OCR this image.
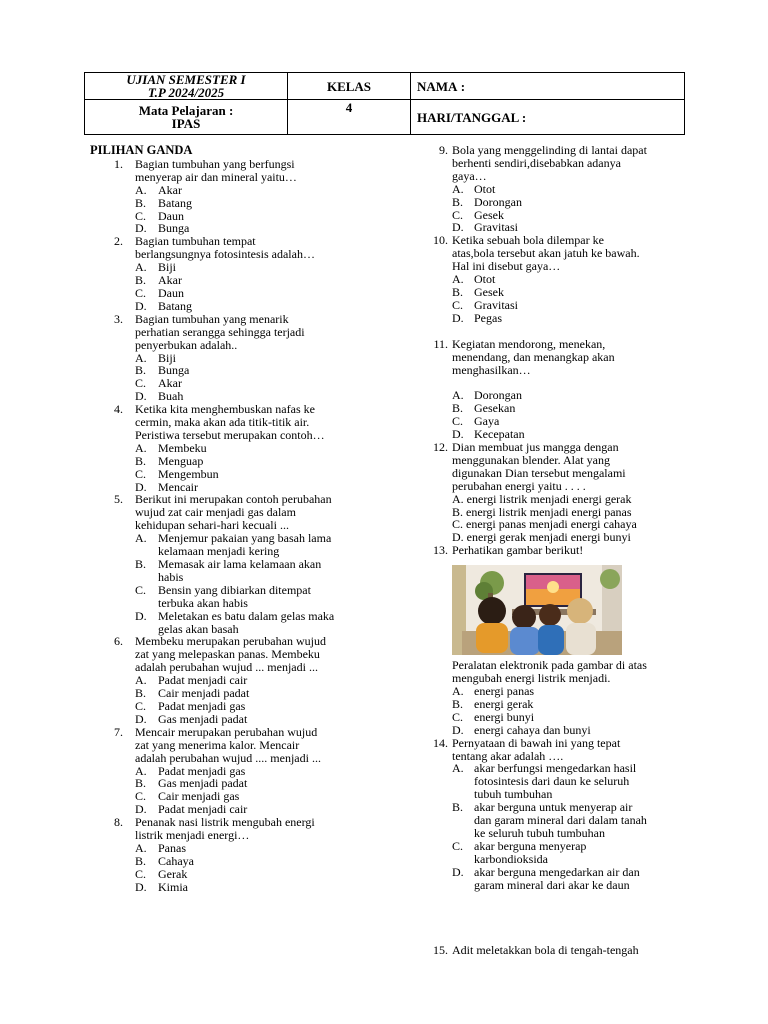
UJIAN SEMESTER I
T.P 2024/2025	KELAS	NAMA :

Mata Pelajaran :
IPAS	4	HARI/TANGGAL :
PILIHAN GANDA
1. Bagian tumbuhan yang berfungsi
menyerap air dan mineral yaitu…
A. Akar
B. Batang
C. Daun
D. Bunga
2. Bagian tumbuhan tempat
berlangsungnya fotosintesis adalah…
A. Biji
B. Akar
C. Daun
D. Batang
3. Bagian tumbuhan yang menarik
perhatian serangga sehingga terjadi
penyerbukan adalah..
A. Biji
B. Bunga
C. Akar
D. Buah
4. Ketika kita menghembuskan nafas ke
cermin, maka akan ada titik-titik air.
Peristiwa tersebut merupakan contoh…
A. Membeku
B. Menguap
C. Mengembun
D. Mencair
5. Berikut ini merupakan contoh perubahan
wujud zat cair menjadi gas dalam
kehidupan sehari-hari kecuali ...
A. Menjemur pakaian yang basah lama
kelamaan menjadi kering
B. Memasak air lama kelamaan akan
habis
C. Bensin yang dibiarkan ditempat
terbuka akan habis
D. Meletakan es batu dalam gelas maka
gelas akan basah
6. Membeku merupakan perubahan wujud
zat yang melepaskan panas. Membeku
adalah perubahan wujud ... menjadi ...
A. Padat menjadi cair
B. Cair menjadi padat
C. Padat menjadi gas
D. Gas menjadi padat
7. Mencair merupakan perubahan wujud
zat yang menerima kalor. Mencair
adalah perubahan wujud .... menjadi ...
A. Padat menjadi gas
B. Gas menjadi padat
C. Cair menjadi gas
D. Padat menjadi cair
8. Penanak nasi listrik mengubah energi
listrik menjadi energi…
A. Panas
B. Cahaya
C. Gerak
D. Kimia
9. Bola yang menggelinding di lantai dapat
berhenti sendiri,disebabkan adanya
gaya…
A. Otot
B. Dorongan
C. Gesek
D. Gravitasi
10. Ketika sebuah bola dilempar ke
atas,bola tersebut akan jatuh ke bawah.
Hal ini disebut gaya…
A. Otot
B. Gesek
C. Gravitasi
D. Pegas
11. Kegiatan mendorong, menekan,
menendang, dan menangkap akan
menghasilkan…
A. Dorongan
B. Gesekan
C. Gaya
D. Kecepatan
12. Dian membuat jus mangga dengan
menggunakan blender. Alat yang
digunakan Dian tersebut mengalami
perubahan energi yaitu . . . .
A. energi listrik menjadi energi gerak
B. energi listrik menjadi energi panas
C. energi panas menjadi energi cahaya
D. energi gerak menjadi energi bunyi
13. Perhatikan gambar berikut!
Peralatan elektronik pada gambar di atas
mengubah energi listrik menjadi.
A. energi panas
B. energi gerak
C. energi bunyi
D. energi cahaya dan bunyi
14. Pernyataan di bawah ini yang tepat
tentang akar adalah ….
A. akar berfungsi mengedarkan hasil
fotosintesis dari daun ke seluruh
tubuh tumbuhan
B. akar berguna untuk menyerap air
dan garam mineral dari dalam tanah
ke seluruh tubuh tumbuhan
C. akar berguna menyerap
karbondioksida
D. akar berguna mengedarkan air dan
garam mineral dari akar ke daun
15. Adit meletakkan bola di tengah-tengah
